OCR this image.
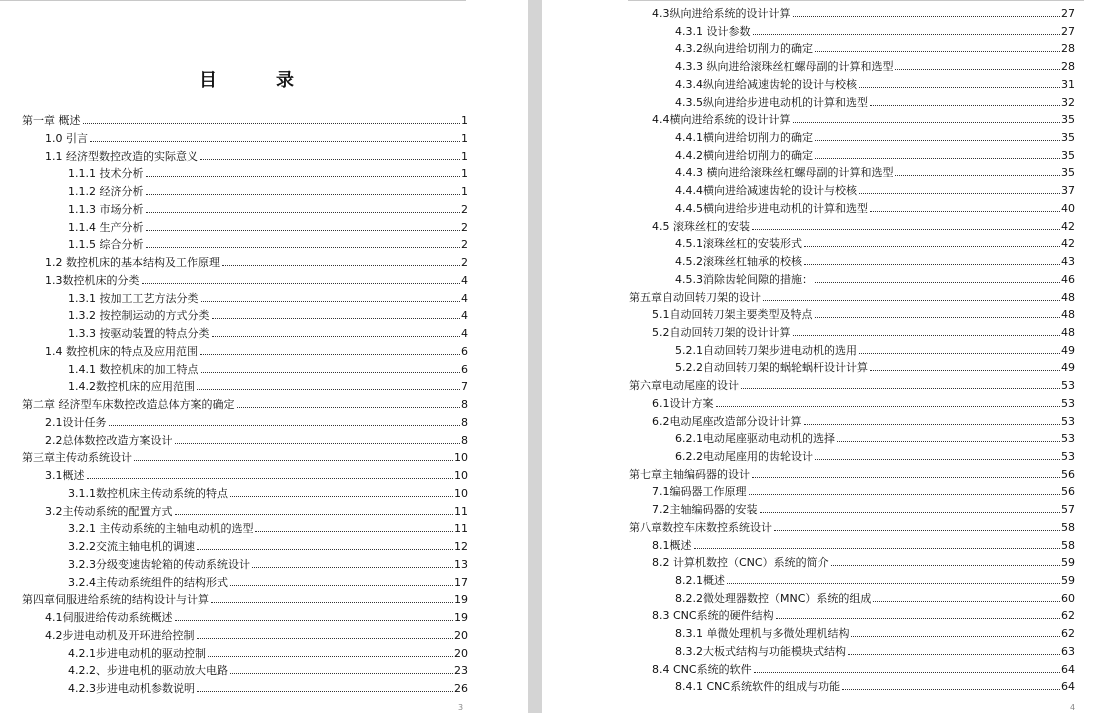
目	录
第一章 概述	1
1.0 引言	1
1.1 经济型数控改造的实际意义	1
1.1.1 技术分析	1
1.1.2 经济分析	1
1.1.3 市场分析	2
1.1.4 生产分析	2
1.1.5 综合分析	2
1.2 数控机床的基本结构及工作原理	2
1.3数控机床的分类	4
1.3.1 按加工工艺方法分类	4
1.3.2 按控制运动的方式分类	4
1.3.3 按驱动装置的特点分类	4
1.4 数控机床的特点及应用范围	6
1.4.1 数控机床的加工特点	6
1.4.2数控机床的应用范围	7
第二章 经济型车床数控改造总体方案的确定	8
2.1设计任务	8
2.2总体数控改造方案设计	8
第三章主传动系统设计	10
3.1概述	10
3.1.1数控机床主传动系统的特点	10
3.2主传动系统的配置方式	11
3.2.1 主传动系统的主轴电动机的选型	11
3.2.2交流主轴电机的调速	12
3.2.3分级变速齿轮箱的传动系统设计	13
3.2.4主传动系统组件的结构形式	17
第四章伺服进给系统的结构设计与计算	19
4.1伺服进给传动系统概述	19
4.2步进电动机及开环进给控制	20
4.2.1步进电动机的驱动控制	20
4.2.2、步进电机的驱动放大电路	23
4.2.3步进电动机参数说明	26
3
4.3纵向进给系统的设计计算	27
4.3.1 设计参数	27
4.3.2纵向进给切削力的确定	28
4.3.3 纵向进给滚珠丝杠螺母副的计算和选型	28
4.3.4纵向进给减速齿轮的设计与校核	31
4.3.5纵向进给步进电动机的计算和选型	32
4.4横向进给系统的设计计算	35
4.4.1横向进给切削力的确定	35
4.4.2横向进给切削力的确定	35
4.4.3 横向进给滚珠丝杠螺母副的计算和选型	35
4.4.4横向进给减速齿轮的设计与校核	37
4.4.5横向进给步进电动机的计算和选型	40
4.5 滚珠丝杠的安装	42
4.5.1滚珠丝杠的安装形式	42
4.5.2滚珠丝杠轴承的校核	43
4.5.3消除齿轮间隙的措施：	46
第五章自动回转刀架的设计	48
5.1自动回转刀架主要类型及特点	48
5.2自动回转刀架的设计计算	48
5.2.1自动回转刀架步进电动机的选用	49
5.2.2自动回转刀架的蜗轮蜗杆设计计算	49
第六章电动尾座的设计	53
6.1设计方案	53
6.2电动尾座改造部分设计计算	53
6.2.1电动尾座驱动电动机的选择	53
6.2.2电动尾座用的齿轮设计	53
第七章主轴编码器的设计	56
7.1编码器工作原理	56
7.2主轴编码器的安装	57
第八章数控车床数控系统设计	58
8.1概述	58
8.2 计算机数控（CNC）系统的简介	59
8.2.1概述	59
8.2.2微处理器数控（MNC）系统的组成	60
8.3 CNC系统的硬件结构	62
8.3.1 单微处理机与多微处理机结构	62
8.3.2大板式结构与功能模块式结构	63
8.4 CNC系统的软件	64
8.4.1 CNC系统软件的组成与功能	64
4
